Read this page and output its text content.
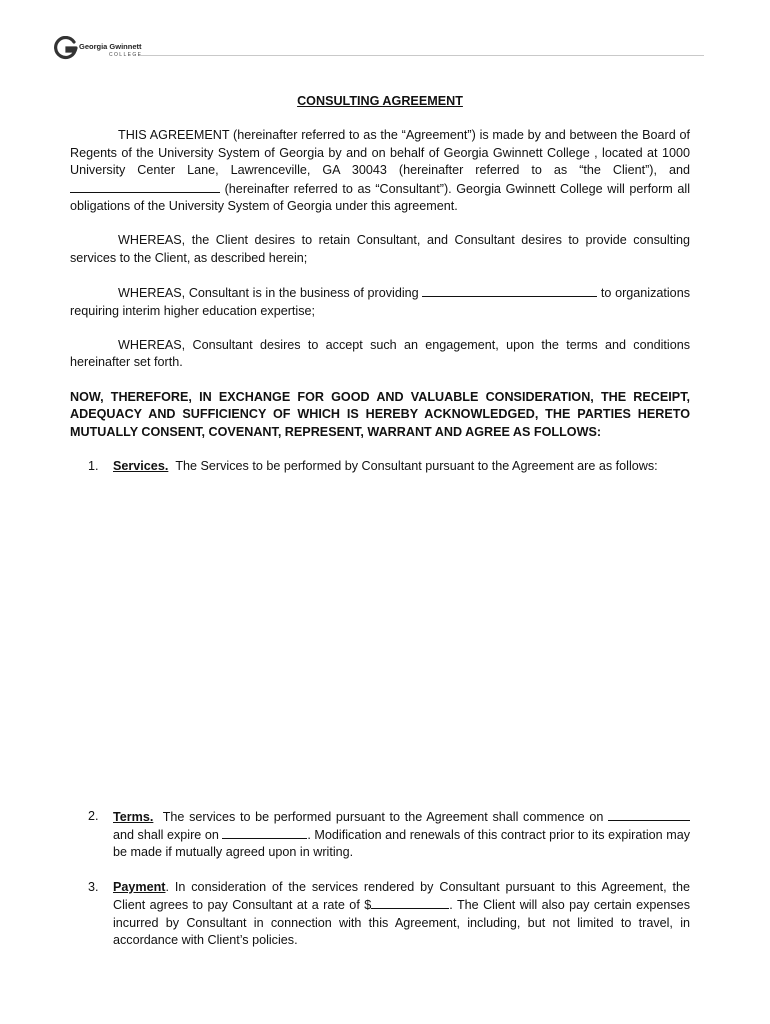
Georgia Gwinnett
COLLEGE
CONSULTING AGREEMENT

THIS AGREEMENT (hereinafter referred to as the “Agreement”) is made by and between the Board of Regents of the University System of Georgia by and on behalf of Georgia Gwinnett College , located at 1000 University Center Lane, Lawrenceville, GA 30043 (hereinafter referred to as “the Client”), and  (hereinafter referred to as “Consultant”). Georgia Gwinnett College will perform all obligations of the University System of Georgia under this agreement.

WHEREAS, the Client desires to retain Consultant, and Consultant desires to provide consulting services to the Client, as described herein;

WHEREAS, Consultant is in the business of providing	to organizations requiring interim higher education expertise;

WHEREAS, Consultant desires to accept such an engagement, upon the terms and conditions hereinafter set forth.

NOW, THEREFORE, IN EXCHANGE FOR GOOD AND VALUABLE CONSIDERATION, THE RECEIPT, ADEQUACY AND SUFFICIENCY OF WHICH IS HEREBY ACKNOWLEDGED, THE PARTIES HERETO MUTUALLY CONSENT, COVENANT, REPRESENT, WARRANT AND AGREE AS FOLLOWS:

1. Services. The Services to be performed by Consultant pursuant to the Agreement are as follows:
2. Terms. The services to be performed pursuant to the Agreement shall commence on  and shall expire on	. Modification and renewals of this contract prior to its expiration may be made if mutually agreed upon in writing.
3. Payment. In consideration of the services rendered by Consultant pursuant to this Agreement, the Client agrees to pay Consultant at a rate of $	. The Client will also pay certain expenses incurred by Consultant in connection with this Agreement, including, but not limited to travel, in accordance with Client’s policies.
